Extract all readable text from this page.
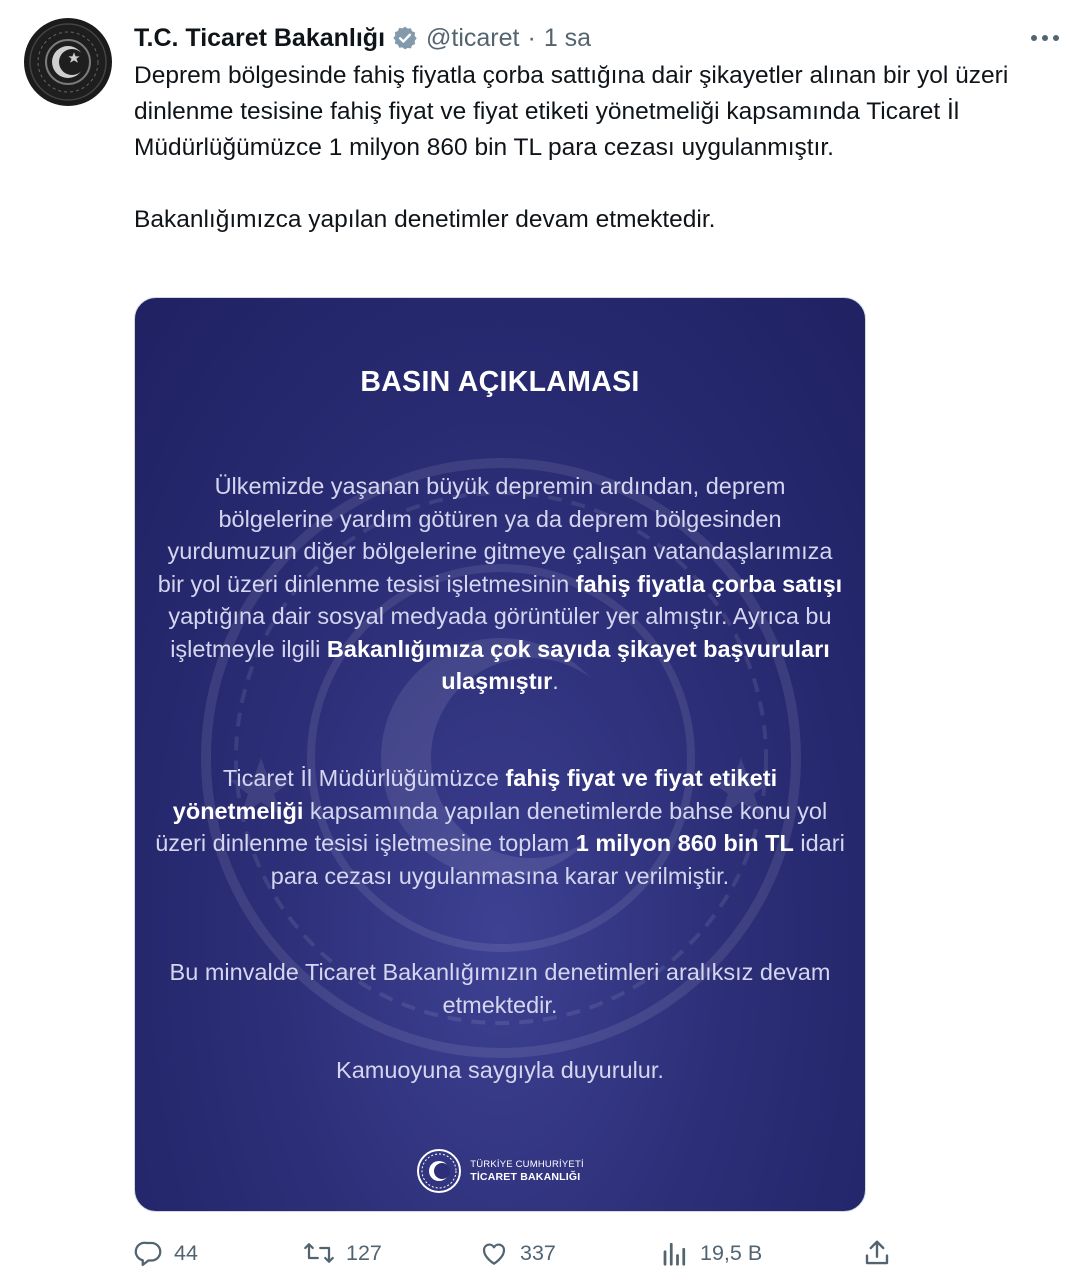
T.C. Ticaret Bakanlığı @ticaret · 1 sa

Deprem bölgesinde fahiş fiyatla çorba sattığına dair şikayetler alınan bir yol üzeri dinlenme tesisine fahiş fiyat ve fiyat etiketi yönetmeliği kapsamında Ticaret İl Müdürlüğümüzce 1 milyon 860 bin TL para cezası uygulanmıştır.

Bakanlığımızca yapılan denetimler devam etmektedir.

BASIN AÇIKLAMASI
Ülkemizde yaşanan büyük depremin ardından, deprem bölgelerine yardım götüren ya da deprem bölgesinden yurdumuzun diğer bölgelerine gitmeye çalışan vatandaşlarımıza bir yol üzeri dinlenme tesisi işletmesinin fahiş fiyatla çorba satışı yaptığına dair sosyal medyada görüntüler yer almıştır. Ayrıca bu işletmeyle ilgili Bakanlığımıza çok sayıda şikayet başvuruları ulaşmıştır.
Ticaret İl Müdürlüğümüzce fahiş fiyat ve fiyat etiketi yönetmeliği kapsamında yapılan denetimlerde bahse konu yol üzeri dinlenme tesisi işletmesine toplam 1 milyon 860 bin TL idari para cezası uygulanmasına karar verilmiştir.
Bu minvalde Ticaret Bakanlığımızın denetimleri aralıksız devam etmektedir.
Kamuoyuna saygıyla duyurulur.
TÜRKİYE CUMHURİYETİ
TİCARET BAKANLIĞI
44	127	337	19,5 B
